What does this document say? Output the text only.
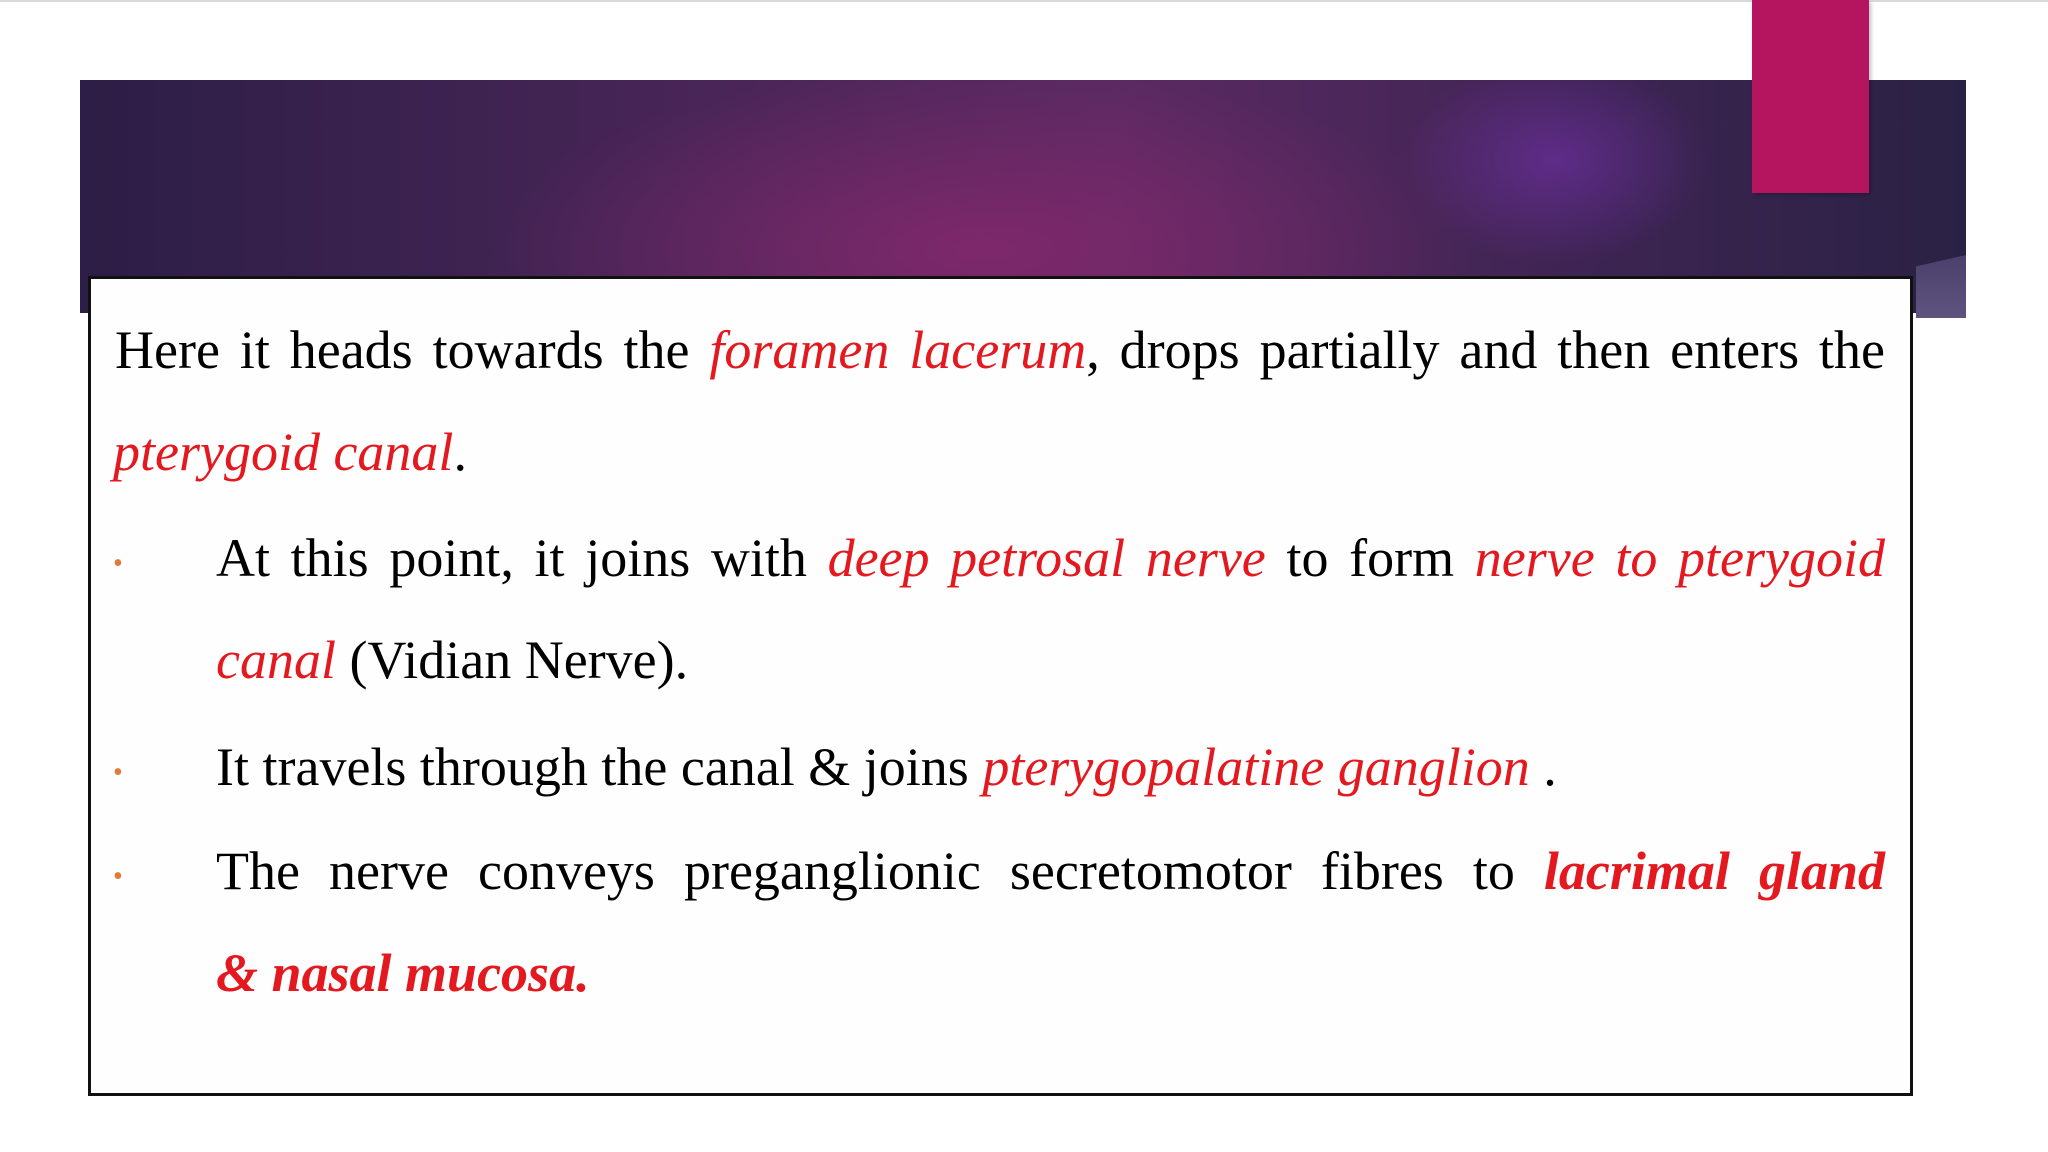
Here it heads towards the foramen lacerum, drops partially and then enters the
pterygoid canal.
• At this point, it joins with deep petrosal nerve to form nerve to pterygoid
canal (Vidian Nerve).
• It travels through the canal & joins pterygopalatine ganglion .
• The nerve conveys preganglionic secretomotor fibres to lacrimal gland
& nasal mucosa.
